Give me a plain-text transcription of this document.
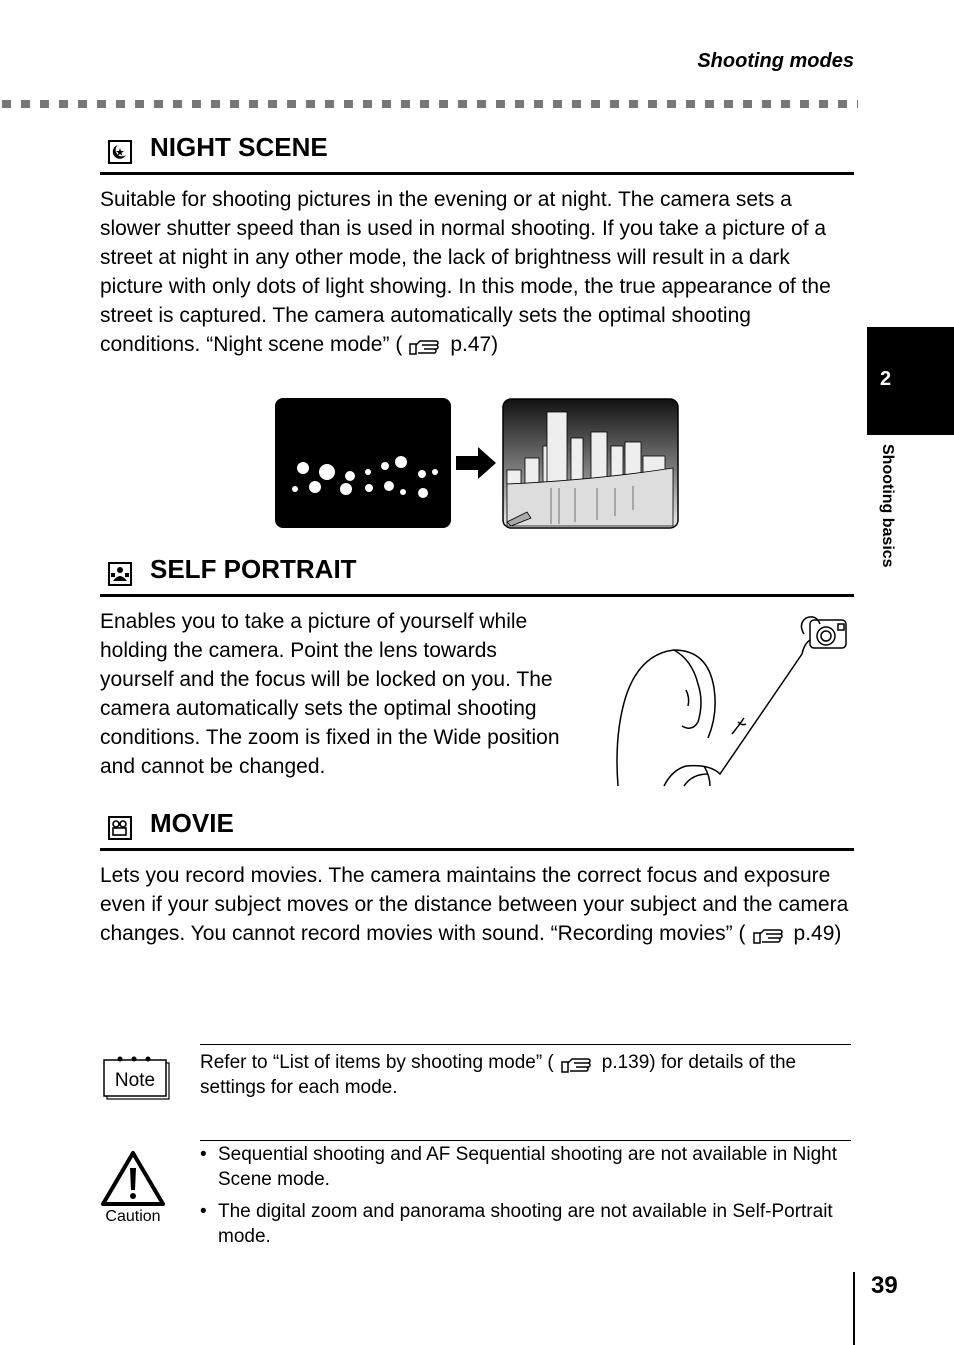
Shooting modes
2
Shooting basics
NIGHT SCENE

Suitable for shooting pictures in the evening or at night. The camera sets a slower shutter speed than is used in normal shooting. If you take a picture of a street at night in any other mode, the lack of brightness will result in a dark picture with only dots of light showing. In this mode, the true appearance of the street is captured. The camera automatically sets the optimal shooting conditions. “Night scene mode” ( p.47)

SELF PORTRAIT
Enables you to take a picture of yourself while
holding the camera. Point the lens towards
yourself and the focus will be locked on you. The
camera automatically sets the optimal shooting
conditions. The zoom is fixed in the Wide position
and cannot be changed.
MOVIE

Lets you record movies. The camera maintains the correct focus and exposure even if your subject moves or the distance between your subject and the camera changes. You cannot record movies with sound. “Recording movies” ( p.49)

Note

Refer to “List of items by shooting mode” (	p.139) for details of the settings for each mode.

Caution
• Sequential shooting and AF Sequential shooting are not available in Night Scene mode.
• The digital zoom and panorama shooting are not available in Self-Portrait mode.
39
